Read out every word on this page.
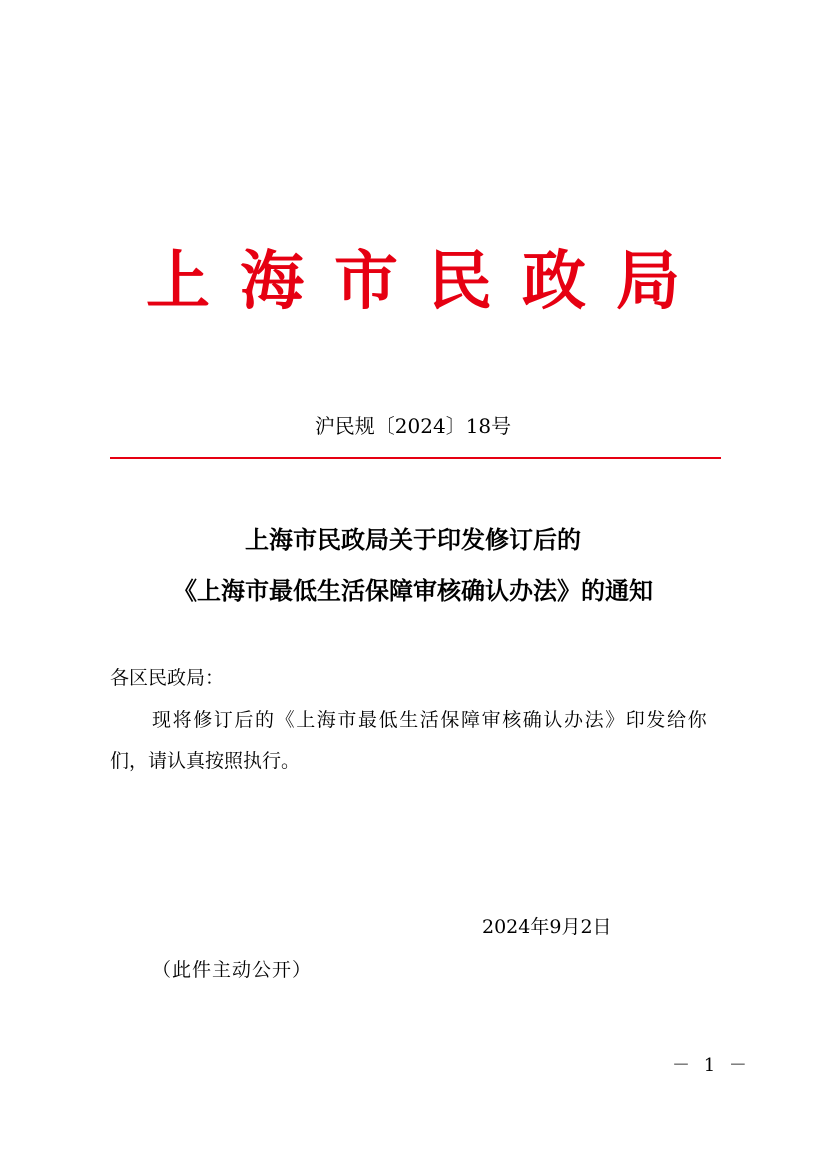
上海市民政局
沪民规〔2024〕18号
上海市民政局关于印发修订后的
《上海市最低生活保障审核确认办法》的通知
各区民政局：
现将修订后的《上海市最低生活保障审核确认办法》印发给你
们，请认真按照执行。
2024年9月2日
（此件主动公开）
－ 1 －
